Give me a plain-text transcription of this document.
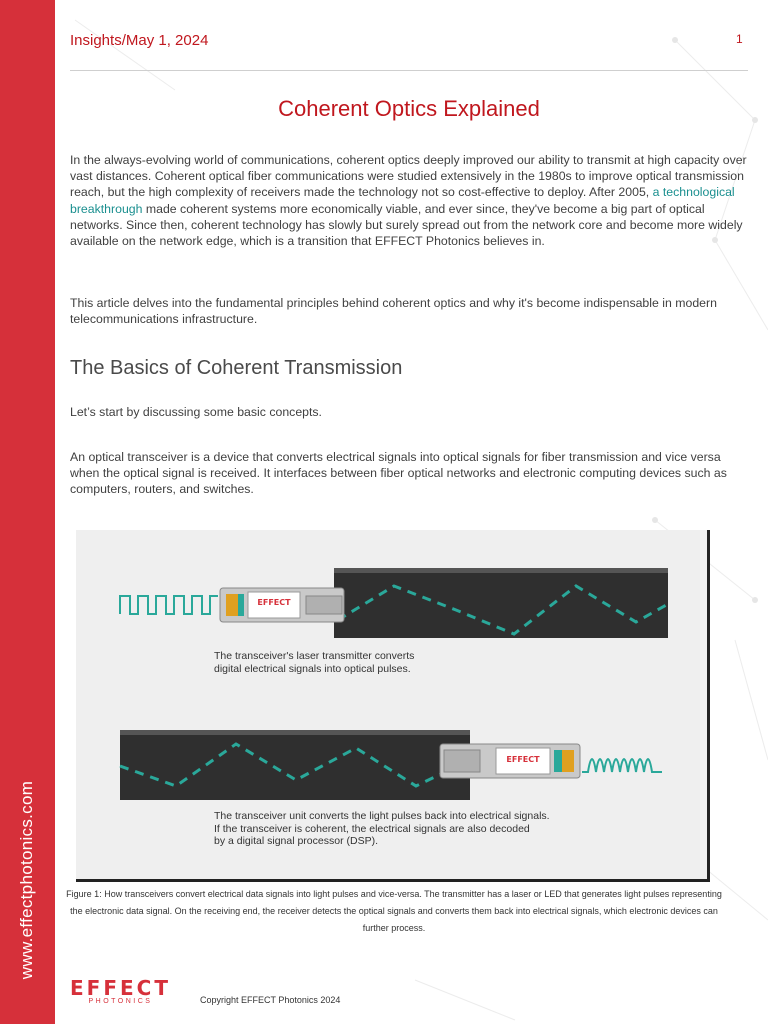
www.effectphotonics.com
Insights/May 1, 2024	1
Coherent Optics Explained
In the always-evolving world of communications, coherent optics deeply improved our ability to transmit at high capacity over vast distances. Coherent optical fiber communications were studied extensively in the 1980s to improve optical transmission reach, but the high complexity of receivers made the technology not so cost-effective to deploy. After 2005, a technological breakthrough made coherent systems more economically viable, and ever since, they've become a big part of optical networks. Since then, coherent technology has slowly but surely spread out from the network core and become more widely available on the network edge, which is a transition that EFFECT Photonics believes in.
This article delves into the fundamental principles behind coherent optics and why it's become indispensable in modern telecommunications infrastructure.
The Basics of Coherent Transmission
Let’s start by discussing some basic concepts.
An optical transceiver is a device that converts electrical signals into optical signals for fiber transmission and vice versa when the optical signal is received. It interfaces between fiber optical networks and electronic computing devices such as computers, routers, and switches.
EFFECT
EFFECT
The transceiver's laser transmitter converts
digital electrical signals into optical pulses.
The transceiver unit converts the light pulses back into electrical signals.
If the transceiver is coherent, the electrical signals are also decoded
by a digital signal processor (DSP).
Figure 1: How transceivers convert electrical data signals into light pulses and vice-versa. The transmitter has a laser or LED that generates light pulses representing the electronic data signal. On the receiving end, the receiver detects the optical signals and converts them back into electrical signals, which electronic devices can further process.
EFFECT
PHOTONICS	Copyright EFFECT Photonics 2024
